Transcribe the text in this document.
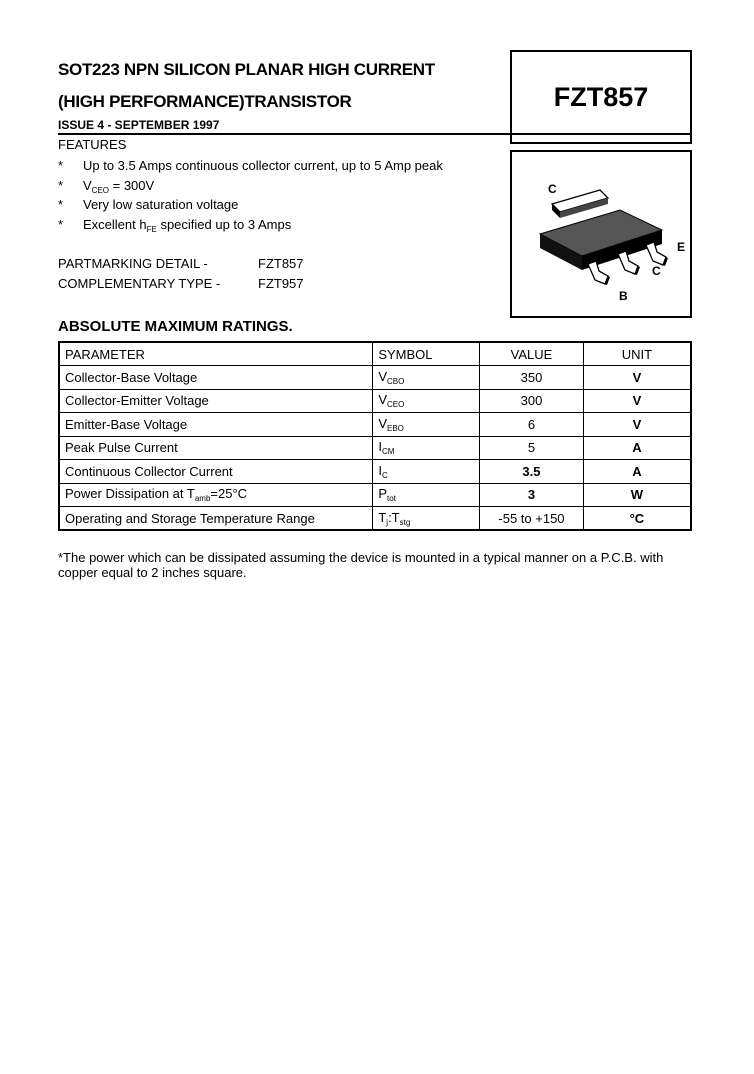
SOT223 NPN SILICON PLANAR HIGH CURRENT
(HIGH PERFORMANCE)TRANSISTOR	FZT857
ISSUE 4 - SEPTEMBER 1997
FEATURES
* Up to 3.5 Amps continuous collector current, up to 5 Amp peak
* $V_{CEO} = 300V$
* Very low saturation voltage
* Excellent $h_{FE}$ specified up to 3 Amps
C
E
C
B
PARTMARKING DETAIL -	FZT857
COMPLEMENTARY TYPE -	FZT957
ABSOLUTE MAXIMUM RATINGS.
PARAMETER	SYMBOL	VALUE	UNIT
Collector-Base Voltage	$V_{CBO}$	350	V
Collector-Emitter Voltage	$V_{CEO}$	300	V
Emitter-Base Voltage	$V_{EBO}$	6	V
Peak Pulse Current	$I_{CM}$	5	A
Continuous Collector Current	$I_C$	3.5	A
Power Dissipation at $T_{amb}=25^\circ C$	$P_{tot}$	3	W
Operating and Storage Temperature Range	$T_j:T_{stg}$	-55 to +150	°C
*The power which can be dissipated assuming the device is mounted in a typical manner on a P.C.B. with copper equal to 2 inches square.
